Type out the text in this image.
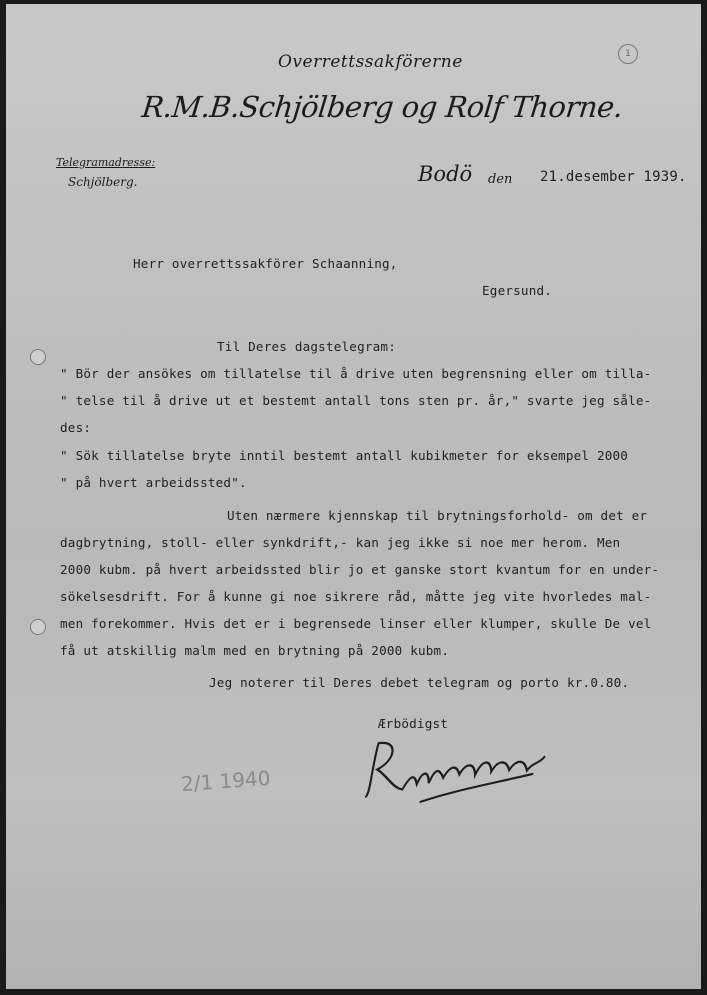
1
Overrettssakförerne
R.M.B.Schjölberg og Rolf Thorne.
Telegramadresse:
Schjölberg.	Bodö den 21.desember 1939.
Herr overrettssakförer Schaanning,
Egersund.
Til Deres dagstelegram:
" Bör der ansökes om tillatelse til å drive uten begrensning eller om tilla-
" telse til å drive ut et bestemt antall tons sten pr. år," svarte jeg såle-
des:
" Sök tillatelse bryte inntil bestemt antall kubikmeter for eksempel 2000
" på hvert arbeidssted".
Uten nærmere kjennskap til brytningsforhold- om det er
dagbrytning, stoll- eller synkdrift,- kan jeg ikke si noe mer herom. Men
2000 kubm. på hvert arbeidssted blir jo et ganske stort kvantum for en under-
sökelsesdrift. For å kunne gi noe sikrere råd, måtte jeg vite hvorledes mal-
men forekommer. Hvis det er i begrensede linser eller klumper, skulle De vel
få ut atskillig malm med en brytning på 2000 kubm.
Jeg noterer til Deres debet telegram og porto kr.0.80.
Ærbödigst
2/1 1940
